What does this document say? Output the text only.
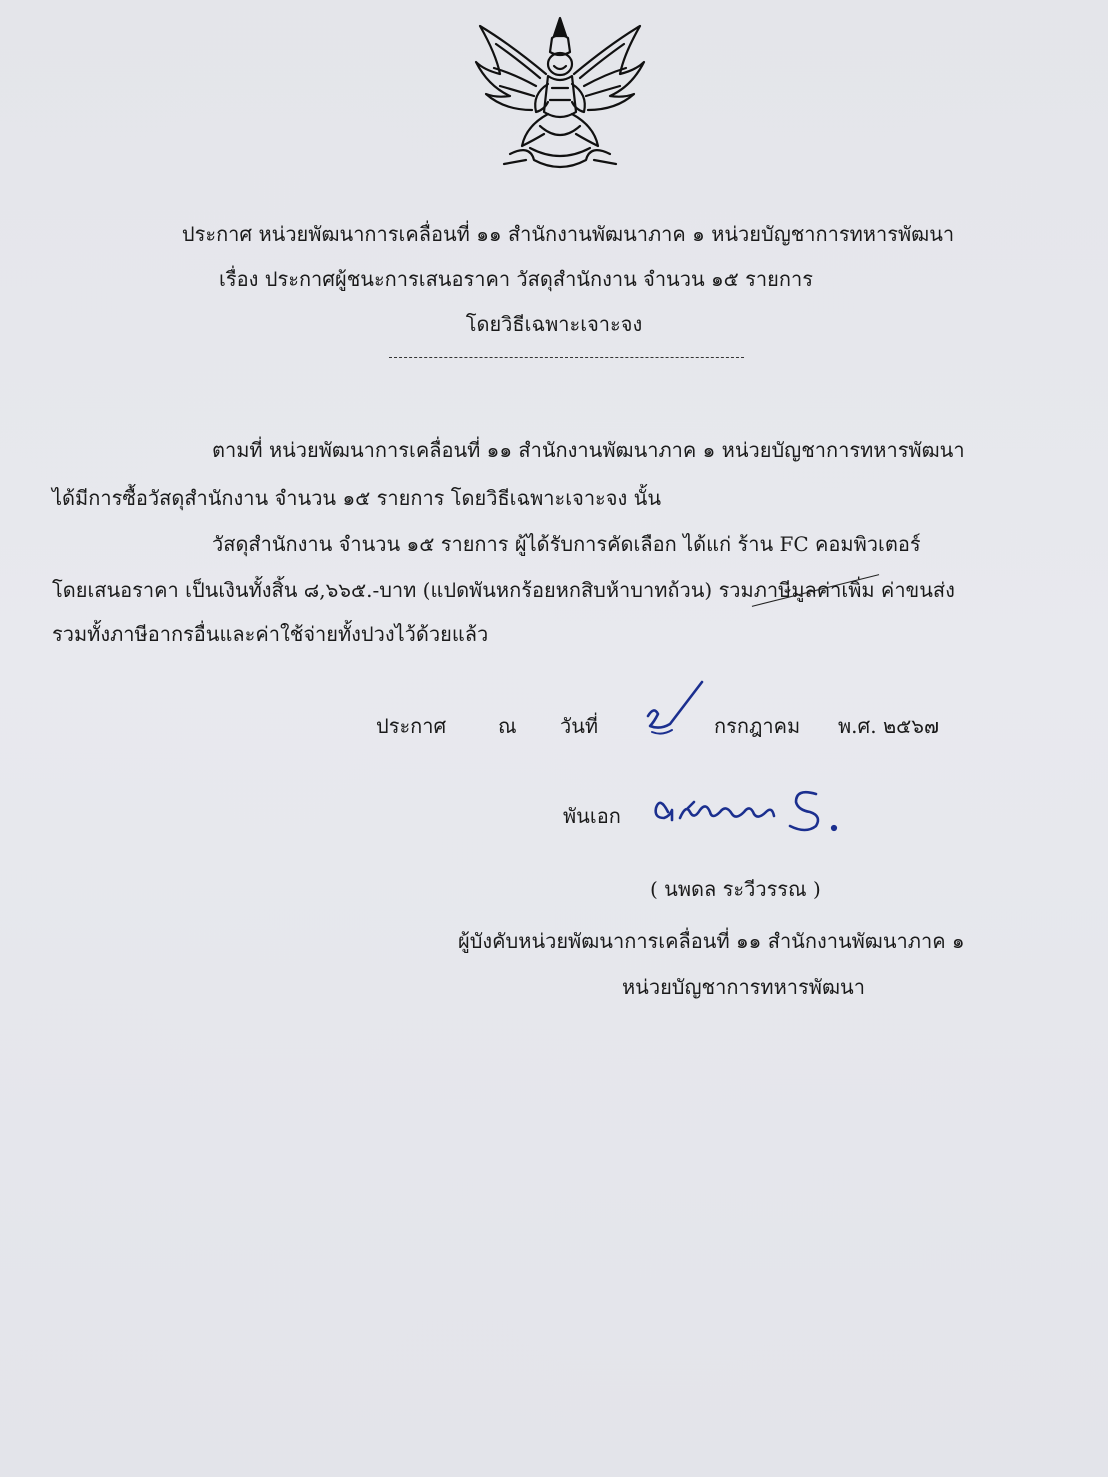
ประกาศ หน่วยพัฒนาการเคลื่อนที่ ๑๑ สำนักงานพัฒนาภาค ๑ หน่วยบัญชาการทหารพัฒนา
เรื่อง ประกาศผู้ชนะการเสนอราคา วัสดุสำนักงาน จำนวน ๑๕ รายการ
โดยวิธีเฉพาะเจาะจง
ตามที่ หน่วยพัฒนาการเคลื่อนที่ ๑๑ สำนักงานพัฒนาภาค ๑ หน่วยบัญชาการทหารพัฒนา
ได้มีการซื้อวัสดุสำนักงาน จำนวน ๑๕ รายการ โดยวิธีเฉพาะเจาะจง นั้น
วัสดุสำนักงาน จำนวน ๑๕ รายการ ผู้ได้รับการคัดเลือก ได้แก่ ร้าน FC คอมพิวเตอร์
โดยเสนอราคา เป็นเงินทั้งสิ้น ๘,๖๖๕.-บาท (แปดพันหกร้อยหกสิบห้าบาทถ้วน) รวมภาษีมูลค่าเพิ่ม ค่าขนส่ง
รวมทั้งภาษีอากรอื่นและค่าใช้จ่ายทั้งปวงไว้ด้วยแล้ว
ประกาศ	ณ วันที่	กรกฎาคม พ.ศ. ๒๕๖๗
พันเอก
( นพดล ระวีวรรณ )
ผู้บังคับหน่วยพัฒนาการเคลื่อนที่ ๑๑ สำนักงานพัฒนาภาค ๑
หน่วยบัญชาการทหารพัฒนา
